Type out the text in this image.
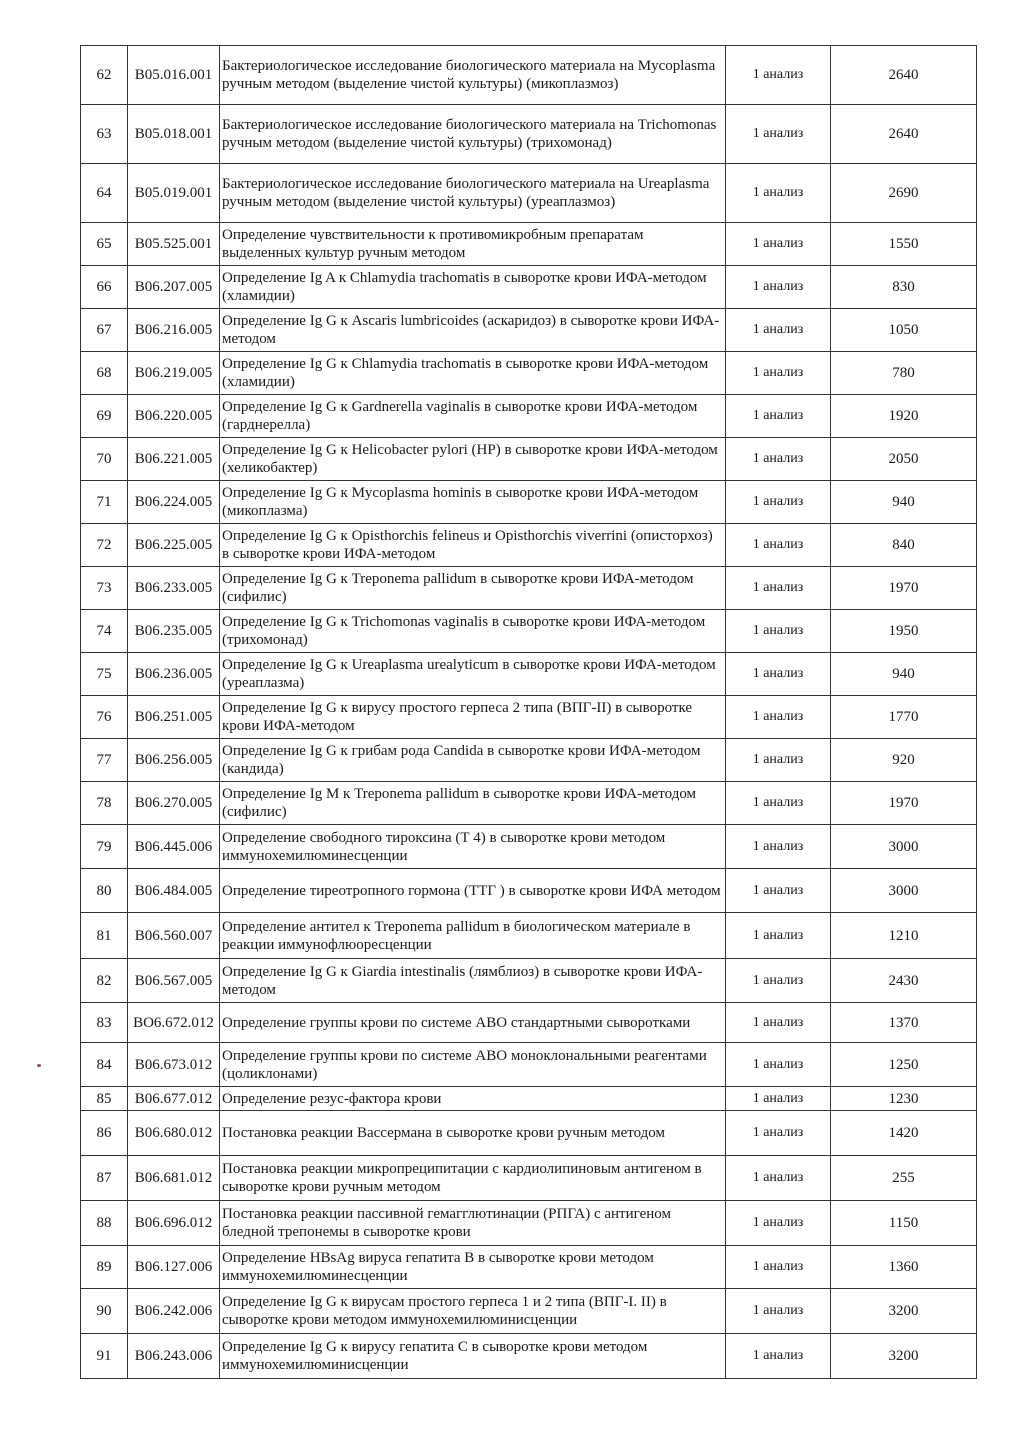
62	B05.016.001	Бактериологическое исследование биологического материала на Mycoplasma ручным методом (выделение чистой культуры) (микоплазмоз)	1 анализ	2640
63	B05.018.001	Бактериологическое исследование биологического материала на Trichomonas ручным методом (выделение чистой культуры) (трихомонад)	1 анализ	2640
64	B05.019.001	Бактериологическое исследование биологического материала на Ureaplasma ручным методом (выделение чистой культуры) (уреаплазмоз)	1 анализ	2690
65	B05.525.001	Определение чувствительности к противомикробным препаратам выделенных культур ручным методом	1 анализ	1550
66	B06.207.005	Определение Ig A к Chlamydia trachomatis в сыворотке крови ИФА-методом (хламидии)	1 анализ	830
67	B06.216.005	Определение Ig G к Ascaris lumbricoides (аскаридоз) в сыворотке крови ИФА-методом	1 анализ	1050
68	B06.219.005	Определение Ig G к Chlamydia trachomatis в сыворотке крови ИФА-методом (хламидии)	1 анализ	780
69	B06.220.005	Определение Ig G к Gardnerella vaginalis в сыворотке крови ИФА-методом (гарднерелла)	1 анализ	1920
70	B06.221.005	Определение Ig G к Helicobacter pylori (HP) в сыворотке крови ИФА-методом (хеликобактер)	1 анализ	2050
71	B06.224.005	Определение Ig G к Mycoplasma hominis в сыворотке крови ИФА-методом (микоплазма)	1 анализ	940
72	B06.225.005	Определение Ig G к Opisthorchis felineus и Opisthorchis viverrini (описторхоз) в сыворотке крови ИФА-методом	1 анализ	840
73	B06.233.005	Определение Ig G к Treponema pallidum в сыворотке крови ИФА-методом (сифилис)	1 анализ	1970
74	B06.235.005	Определение Ig G к Trichomonas vaginalis в сыворотке крови ИФА-методом (трихомонад)	1 анализ	1950
75	B06.236.005	Определение Ig G к Ureaplasma urealyticum в сыворотке крови ИФА-методом (уреаплазма)	1 анализ	940
76	B06.251.005	Определение Ig G к вирусу простого герпеса 2 типа (ВПГ-II) в сыворотке крови ИФА-методом	1 анализ	1770
77	B06.256.005	Определение Ig G к грибам рода Candida в сыворотке крови ИФА-методом (кандида)	1 анализ	920
78	B06.270.005	Определение Ig M к Treponema pallidum в сыворотке крови ИФА-методом (сифилис)	1 анализ	1970
79	B06.445.006	Определение свободного тироксина (Т 4) в сыворотке крови методом иммунохемилюминесценции	1 анализ	3000
80	B06.484.005	Определение тиреотропного гормона (ТТГ ) в сыворотке крови ИФА методом	1 анализ	3000
81	B06.560.007	Определение антител к Treponema pallidum в биологическом материале в реакции иммунофлюоресценции	1 анализ	1210
82	B06.567.005	Определение Ig G к Giardia intestinalis (лямблиоз) в сыворотке крови ИФА-методом	1 анализ	2430
83	BO6.672.012	Определение группы крови по системе АВО стандартными сыворотками	1 анализ	1370
84	B06.673.012	Определение группы крови по системе АВО моноклональными реагентами (цоликлонами)	1 анализ	1250
85	B06.677.012	Определение резус-фактора крови	1 анализ	1230
86	B06.680.012	Постановка реакции Вассермана в сыворотке крови ручным методом	1 анализ	1420
87	B06.681.012	Постановка реакции микропреципитации с кардиолипиновым антигеном в сыворотке крови ручным методом	1 анализ	255
88	B06.696.012	Постановка реакции пассивной гемагглютинации (РПГА) с антигеном бледной трепонемы в сыворотке крови	1 анализ	1150
89	B06.127.006	Определение HBsAg вируса гепатита В в сыворотке крови методом иммунохемилюминесценции	1 анализ	1360
90	B06.242.006	Определение Ig G к вирусам простого герпеса 1 и 2 типа (ВПГ-I. II) в сыворотке крови методом иммунохемилюминисценции	1 анализ	3200
91	B06.243.006	Определение Ig G к вирусу гепатита С в сыворотке крови методом иммунохемилюминисценции	1 анализ	3200
